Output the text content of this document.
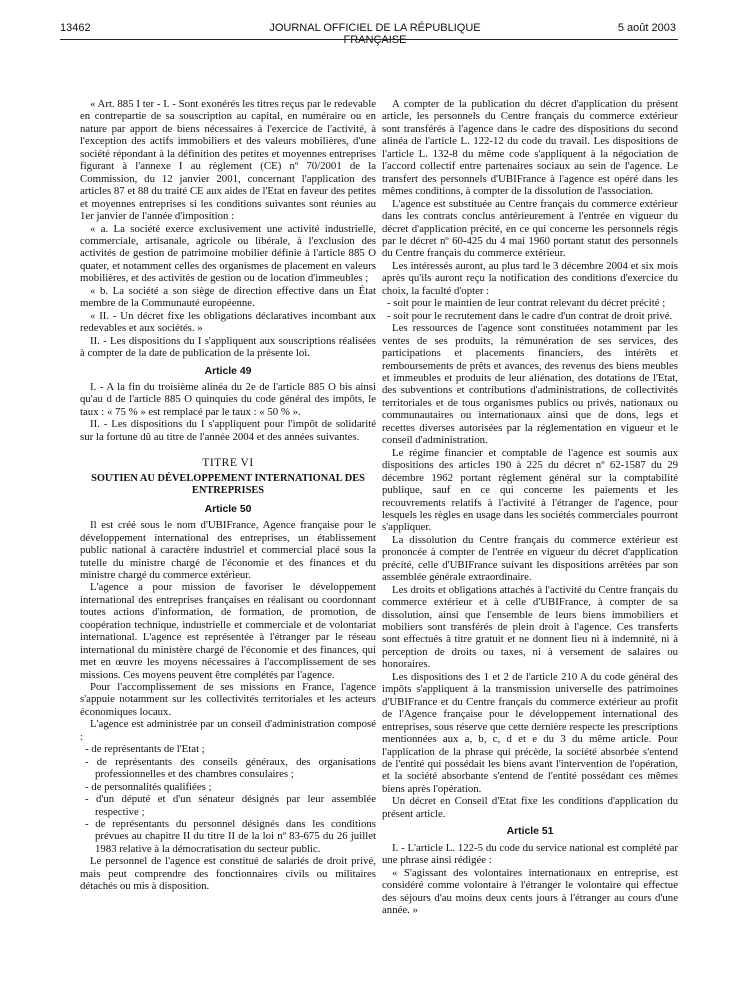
13462	JOURNAL OFFICIEL DE LA RÉPUBLIQUE FRANÇAISE
5 août 2003

« Art. 885 I ter - I. - Sont exonérés les titres reçus par le redevable en contrepartie de sa souscription au capital, en numéraire ou en nature par apport de biens nécessaires à l'exercice de l'activité, à l'exception des actifs immobiliers et des valeurs mobilières, d'une société répondant à la définition des petites et moyennes entreprises figurant à l'annexe I au règlement (CE) nº 70/2001 de la Commission, du 12 janvier 2001, concernant l'application des articles 87 et 88 du traité CE aux aides de l'Etat en faveur des petites et moyennes entreprises si les conditions suivantes sont réunies au 1er janvier de l'année d'imposition :

« a. La société exerce exclusivement une activité industrielle, commerciale, artisanale, agricole ou libérale, à l'exclusion des activités de gestion de patrimoine mobilier définie à l'article 885 O quater, et notamment celles des organismes de placement en valeurs mobilières, et des activités de gestion ou de location d'immeubles ;

« b. La société a son siège de direction effective dans un État membre de la Communauté européenne.

« II. - Un décret fixe les obligations déclaratives incombant aux redevables et aux sociétés. »

II. - Les dispositions du I s'appliquent aux souscriptions réalisées à compter de la date de publication de la présente loi.

Article 49

I. - A la fin du troisième alinéa du 2e de l'article 885 O bis ainsi qu'au d de l'article 885 O quinquies du code général des impôts, le taux : « 75 % » est remplacé par le taux : « 50 % ».

II. - Les dispositions du I s'appliquent pour l'impôt de solidarité sur la fortune dû au titre de l'année 2004 et des années suivantes.

TITRE VI

SOUTIEN AU DÉVELOPPEMENT INTERNATIONAL DES ENTREPRISES

Article 50

Il est créé sous le nom d'UBIFrance, Agence française pour le développement international des entreprises, un établissement public national à caractère industriel et commercial placé sous la tutelle du ministre chargé de l'économie et des finances et du ministre chargé du commerce extérieur.

L'agence a pour mission de favoriser le développement international des entreprises françaises en réalisant ou coordonnant toutes actions d'information, de formation, de promotion, de coopération technique, industrielle et commerciale et de volontariat international. L'agence est représentée à l'étranger par le réseau international du ministère chargé de l'économie et des finances, qui met en œuvre les moyens nécessaires à l'accomplissement de ses missions. Ces moyens peuvent être complétés par l'agence.

Pour l'accomplissement de ses missions en France, l'agence s'appuie notamment sur les collectivités territoriales et les acteurs économiques locaux.

L'agence est administrée par un conseil d'administration composé :

- de représentants de l'Etat ;

- de représentants des conseils généraux, des organisations professionnelles et des chambres consulaires ;

- de personnalités qualifiées ;

- d'un député et d'un sénateur désignés par leur assemblée respective ;

- de représentants du personnel désignés dans les conditions prévues au chapitre II du titre II de la loi nº 83-675 du 26 juillet 1983 relative à la démocratisation du secteur public.

Le personnel de l'agence est constitué de salariés de droit privé, mais peut comprendre des fonctionnaires civils ou militaires détachés ou mis à disposition.

A compter de la publication du décret d'application du présent article, les personnels du Centre français du commerce extérieur sont transférés à l'agence dans le cadre des dispositions du second alinéa de l'article L. 122-12 du code du travail. Les dispositions de l'article L. 132-8 du même code s'appliquent à la négociation de l'accord collectif entre partenaires sociaux au sein de l'agence. Le transfert des personnels d'UBIFrance à l'agence est opéré dans les mêmes conditions, à compter de la dissolution de l'association.

L'agence est substituée au Centre français du commerce extérieur dans les contrats conclus antérieurement à l'entrée en vigueur du décret d'application précité, en ce qui concerne les personnels régis par le décret nº 60-425 du 4 mai 1960 portant statut des personnels du Centre français du commerce extérieur.

Les intéressés auront, au plus tard le 3 décembre 2004 et six mois après qu'ils auront reçu la notification des conditions d'exercice du choix, la faculté d'opter :

- soit pour le maintien de leur contrat relevant du décret précité ;

- soit pour le recrutement dans le cadre d'un contrat de droit privé.

Les ressources de l'agence sont constituées notamment par les ventes de ses produits, la rémunération de ses services, des participations et placements financiers, des intérêts et remboursements de prêts et avances, des revenus des biens meubles et immeubles et produits de leur aliénation, des dotations de l'Etat, des subventions et contributions d'administrations, de collectivités territoriales et de tous organismes publics ou privés, nationaux ou communautaires ou internationaux ainsi que de dons, legs et recettes diverses autorisées par la réglementation en vigueur et le conseil d'administration.

Le régime financier et comptable de l'agence est soumis aux dispositions des articles 190 à 225 du décret nº 62-1587 du 29 décembre 1962 portant règlement général sur la comptabilité publique, sauf en ce qui concerne les paiements et les recouvrements relatifs à l'activité à l'étranger de l'agence, pour lesquels les règles en usage dans les sociétés commerciales pourront s'appliquer.

La dissolution du Centre français du commerce extérieur est prononcée à compter de l'entrée en vigueur du décret d'application précité, celle d'UBIFrance suivant les dispositions arrêtées par son assemblée générale extraordinaire.

Les droits et obligations attachés à l'activité du Centre français du commerce extérieur et à celle d'UBIFrance, à compter de sa dissolution, ainsi que l'ensemble de leurs biens immobiliers et mobiliers sont transférés de plein droit à l'agence. Ces transferts sont effectués à titre gratuit et ne donnent lieu ni à indemnité, ni à perception de droits ou taxes, ni à versement de salaires ou honoraires.

Les dispositions des 1 et 2 de l'article 210 A du code général des impôts s'appliquent à la transmission universelle des patrimoines d'UBIFrance et du Centre français du commerce extérieur au profit de l'Agence française pour le développement international des entreprises, sous réserve que cette dernière respecte les prescriptions mentionnées aux a, b, c, d et e du 3 du même article. Pour l'application de la phrase qui précède, la société absorbée s'entend de l'entité qui possédait les biens avant l'intervention de l'opération, et la société absorbante s'entend de l'entité possédant ces mêmes biens après l'opération.

Un décret en Conseil d'Etat fixe les conditions d'application du présent article.

Article 51

I. - L'article L. 122-5 du code du service national est complété par une phrase ainsi rédigée :

« S'agissant des volontaires internationaux en entreprise, est considéré comme volontaire à l'étranger le volontaire qui effectue des séjours d'au moins deux cents jours à l'étranger au cours d'une année. »
